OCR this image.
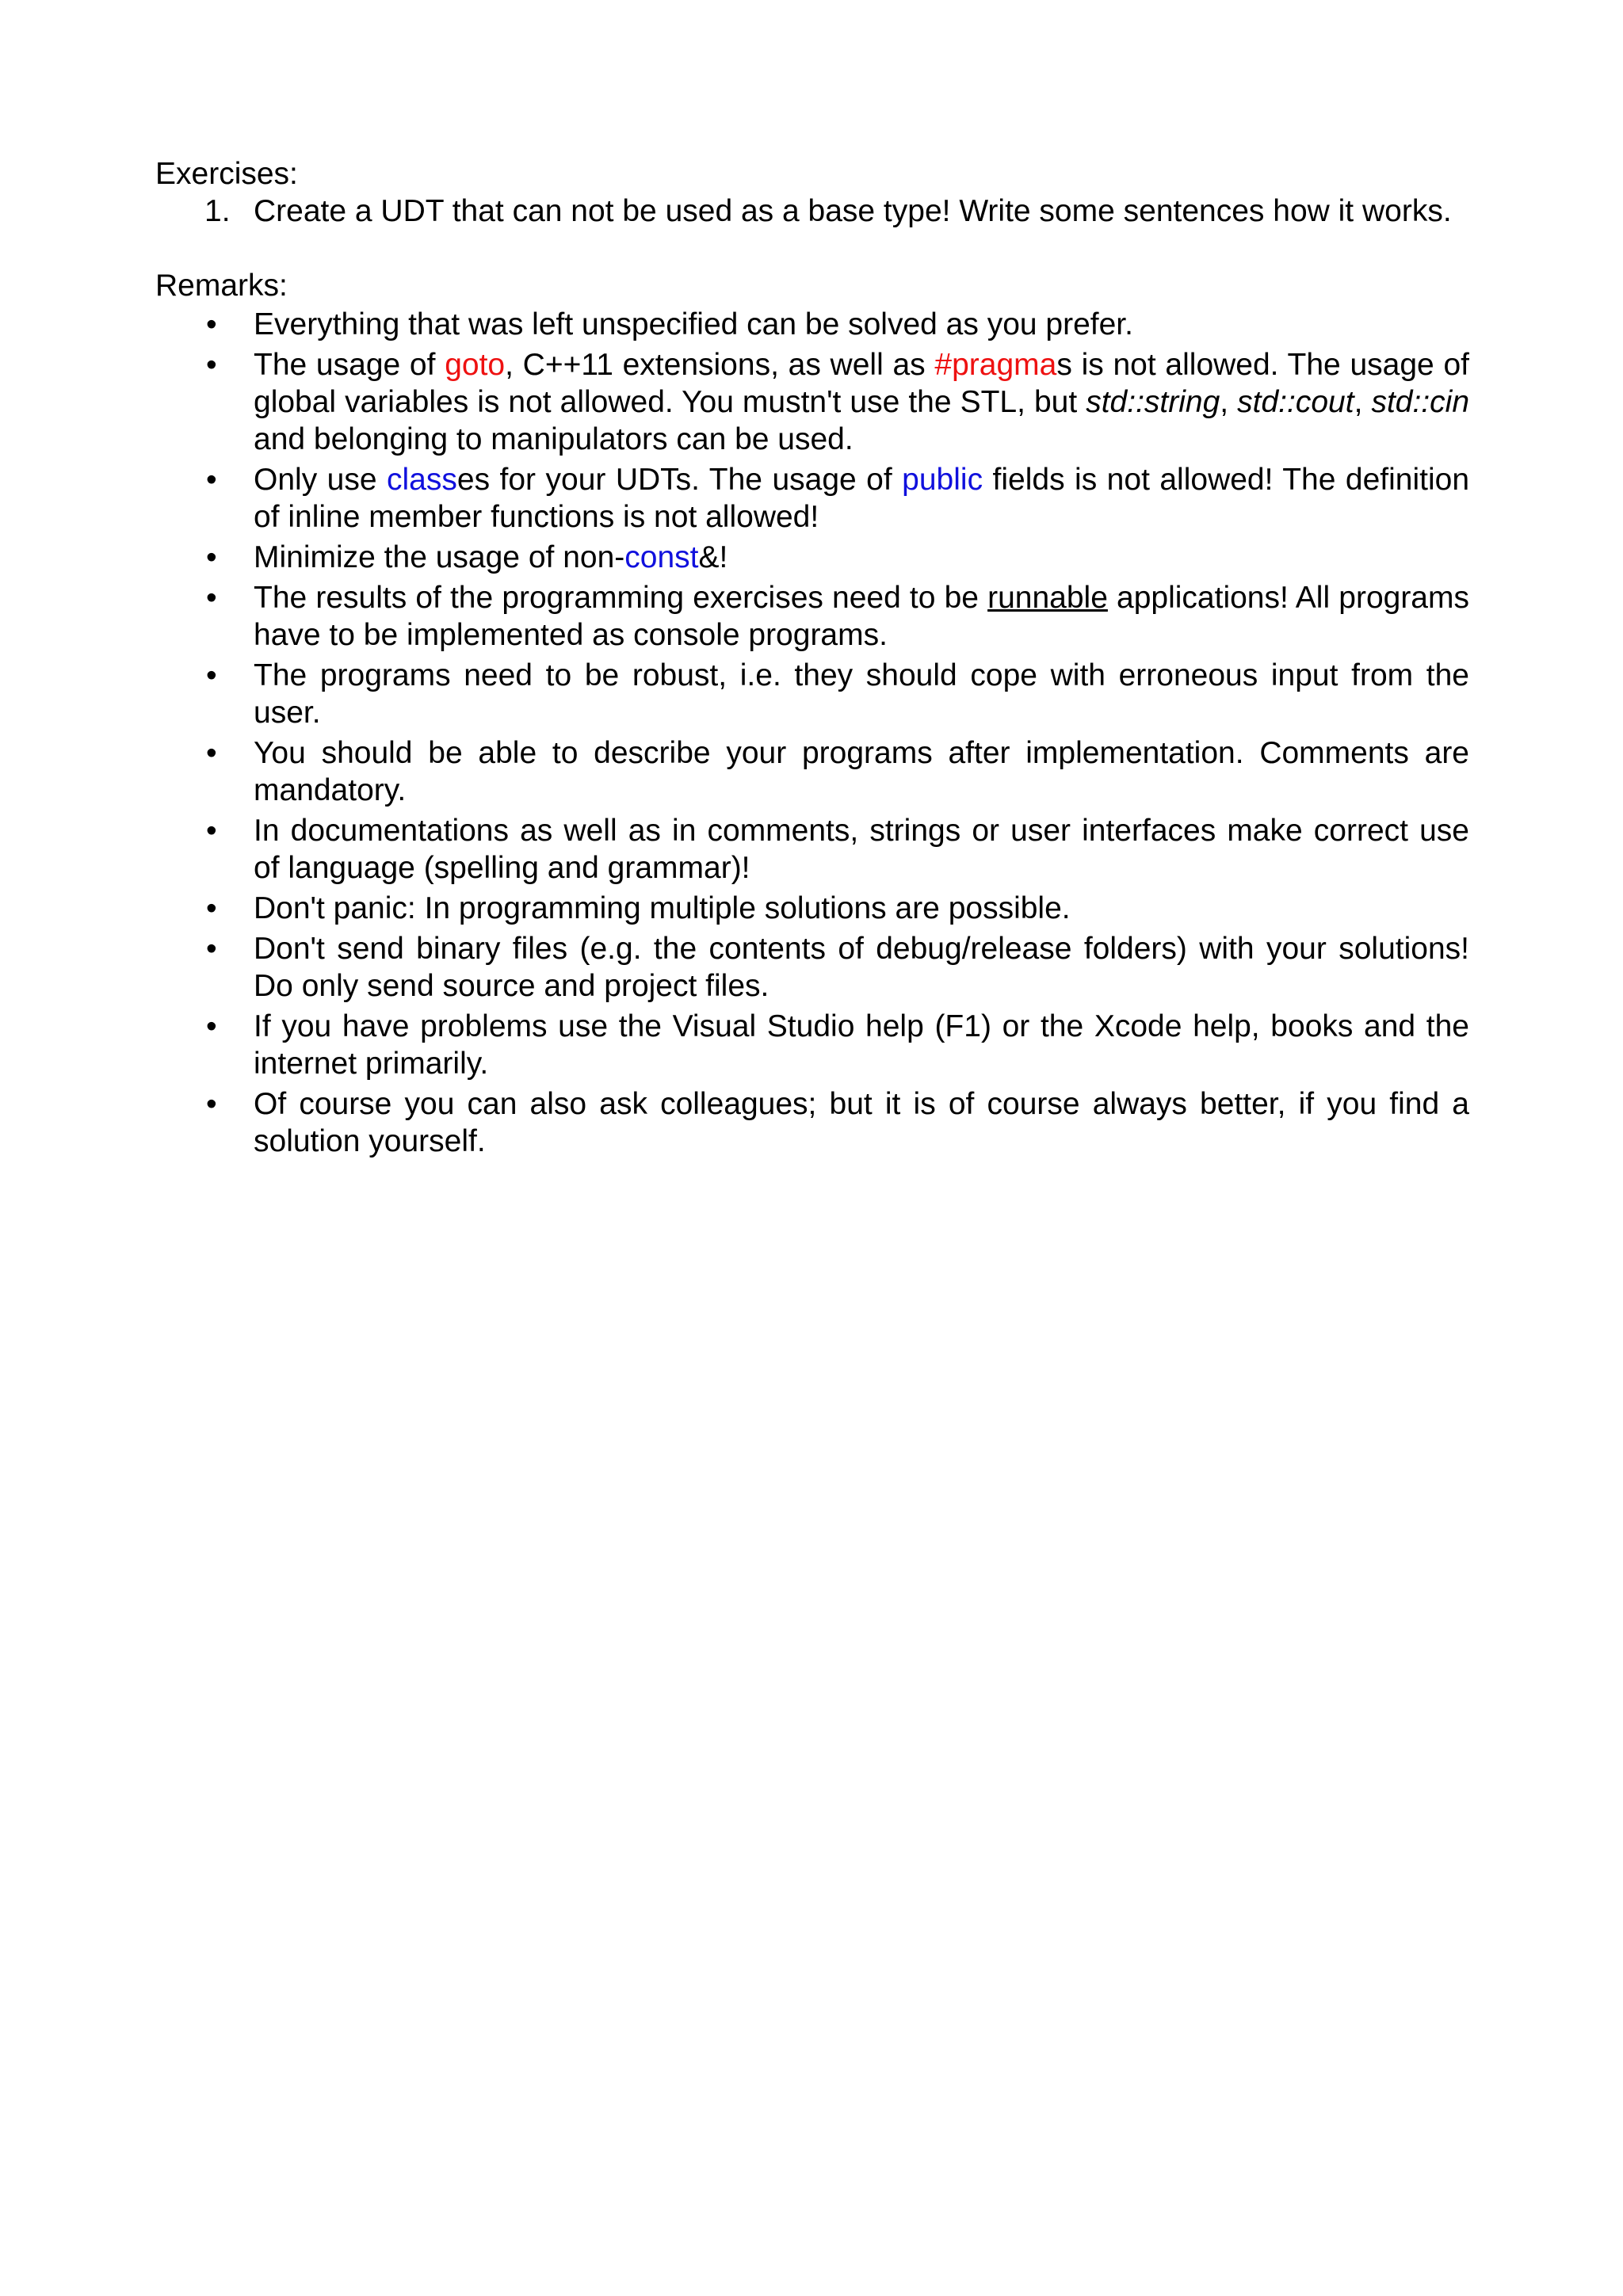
Exercises:
1. Create a UDT that can not be used as a base type! Write some sentences how it works.
Remarks:
• Everything that was left unspecified can be solved as you prefer.
• The usage of goto, C++11 extensions, as well as #pragmas is not allowed. The usage of global variables is not allowed. You mustn't use the STL, but std::string, std::cout, std::cin and belonging to manipulators can be used.
• Only use classes for your UDTs. The usage of public fields is not allowed! The definition of inline member functions is not allowed!
• Minimize the usage of non-const&!
• The results of the programming exercises need to be runnable applications! All programs have to be implemented as console programs.
• The programs need to be robust, i.e. they should cope with erroneous input from the user.
• You should be able to describe your programs after implementation. Comments are mandatory.
• In documentations as well as in comments, strings or user interfaces make correct use of language (spelling and grammar)!
• Don't panic: In programming multiple solutions are possible.
• Don't send binary files (e.g. the contents of debug/release folders) with your solutions! Do only send source and project files.
• If you have problems use the Visual Studio help (F1) or the Xcode help, books and the internet primarily.
• Of course you can also ask colleagues; but it is of course always better, if you find a solution yourself.
